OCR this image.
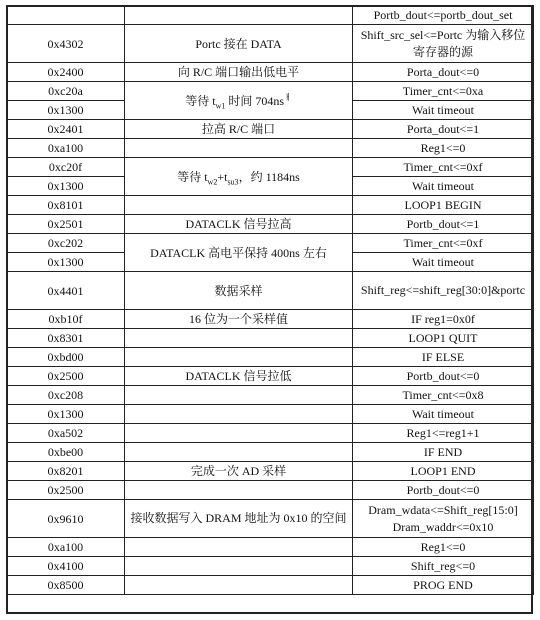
		Portb_dout<=portb_dout_set
0x4302	Portc 接在 DATA	Shift_src_sel<=Portc 为输入移位寄存器的源
0x2400	向 R/C 端口输出低电平	Porta_dout<=0
0xc20a	等待 $t_{w1}$ 时间 $704ns^ㅐ$	Timer_cnt<=0xa
0x1300		Wait timeout
0x2401	拉高 R/C 端口	Porta_dout<=1
0xa100		Reg1<=0
0xc20f	等待 $t_{w2}+t_{su3}$，约 1184ns	Timer_cnt<=0xf
0x1300		Wait timeout
0x8101		LOOP1 BEGIN
0x2501	DATACLK 信号拉高	Portb_dout<=1
0xc202	DATACLK 高电平保持 400ns 左右	Timer_cnt<=0xf
0x1300		Wait timeout
0x4401	数据采样	Shift_reg<=shift_reg[30:0]&portc
0xb10f	16 位为一个采样值	IF reg1=0x0f
0x8301		LOOP1 QUIT
0xbd00		IF ELSE
0x2500	DATACLK 信号拉低	Portb_dout<=0
0xc208		Timer_cnt<=0x8
0x1300		Wait timeout
0xa502		Reg1<=reg1+1
0xbe00		IF END
0x8201	完成一次 AD 采样	LOOP1 END
0x2500		Portb_dout<=0
0x9610	接收数据写入 DRAM 地址为 0x10 的空间	Dram_wdata<=Shift_reg[15:0]
Dram_waddr<=0x10

0xa100		Reg1<=0
0x4100		Shift_reg<=0
0x8500		PROG END
